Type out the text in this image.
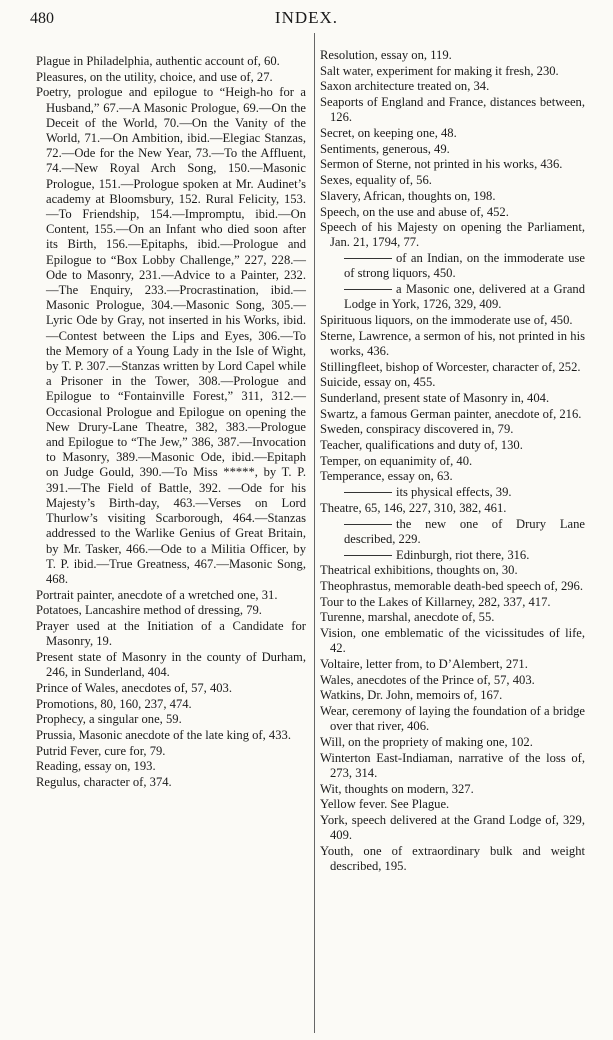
480	INDEX.
Plague in Philadelphia, authentic account of, 60.
Pleasures, on the utility, choice, and use of, 27.
Poetry, prologue and epilogue to “Heigh-ho for a Husband,” 67.—A Masonic Prologue, 69.—On the Deceit of the World, 70.—On the Vanity of the World, 71.—On Ambition, ibid.—Elegiac Stanzas, 72.—Ode for the New Year, 73.—To the Affluent, 74.—New Royal Arch Song, 150.—Masonic Prologue, 151.—Prologue spoken at Mr. Audinet’s academy at Bloomsbury, 152. Rural Felicity, 153.—To Friendship, 154.—Impromptu, ibid.—On Content, 155.—On an Infant who died soon after its Birth, 156.—Epitaphs, ibid.—Prologue and Epilogue to “Box Lobby Challenge,” 227, 228.—Ode to Masonry, 231.—Advice to a Painter, 232. —The Enquiry, 233.—Procrastination, ibid.—Masonic Prologue, 304.—Masonic Song, 305.—Lyric Ode by Gray, not inserted in his Works, ibid.—Contest between the Lips and Eyes, 306.—To the Memory of a Young Lady in the Isle of Wight, by T. P. 307.—Stanzas written by Lord Capel while a Prisoner in the Tower, 308.—Prologue and Epilogue to “Fontainville Forest,” 311, 312.—Occasional Prologue and Epilogue on opening the New Drury-Lane Theatre, 382, 383.—Prologue and Epilogue to “The Jew,” 386, 387.—Invocation to Masonry, 389.—Masonic Ode, ibid.—Epitaph on Judge Gould, 390.—To Miss *****, by T. P. 391.—The Field of Battle, 392. —Ode for his Majesty’s Birth-day, 463.—Verses on Lord Thurlow’s visiting Scarborough, 464.—Stanzas addressed to the Warlike Genius of Great Britain, by Mr. Tasker, 466.—Ode to a Militia Officer, by T. P. ibid.—True Greatness, 467.—Masonic Song, 468.
Portrait painter, anecdote of a wretched one, 31.
Potatoes, Lancashire method of dressing, 79.
Prayer used at the Initiation of a Candidate for Masonry, 19.
Present state of Masonry in the county of Durham, 246, in Sunderland, 404.
Prince of Wales, anecdotes of, 57, 403.
Promotions, 80, 160, 237, 474.
Prophecy, a singular one, 59.
Prussia, Masonic anecdote of the late king of, 433.
Putrid Fever, cure for, 79.
Reading, essay on, 193.
Regulus, character of, 374.
Resolution, essay on, 119.
Salt water, experiment for making it fresh, 230.
Saxon architecture treated on, 34.
Seaports of England and France, distances between, 126.
Secret, on keeping one, 48.
Sentiments, generous, 49.
Sermon of Sterne, not printed in his works, 436.
Sexes, equality of, 56.
Slavery, African, thoughts on, 198.
Speech, on the use and abuse of, 452.
Speech of his Majesty on opening the Parliament, Jan. 21, 1794, 77.
of an Indian, on the immoderate use of strong liquors, 450.
a Masonic one, delivered at a Grand Lodge in York, 1726, 329, 409.
Spirituous liquors, on the immoderate use of, 450.
Sterne, Lawrence, a sermon of his, not printed in his works, 436.
Stillingfleet, bishop of Worcester, character of, 252.
Suicide, essay on, 455.
Sunderland, present state of Masonry in, 404.
Swartz, a famous German painter, anecdote of, 216.
Sweden, conspiracy discovered in, 79.
Teacher, qualifications and duty of, 130.
Temper, on equanimity of, 40.
Temperance, essay on, 63.
its physical effects, 39.
Theatre, 65, 146, 227, 310, 382, 461.
the new one of Drury Lane described, 229.
Edinburgh, riot there, 316.
Theatrical exhibitions, thoughts on, 30.
Theophrastus, memorable death-bed speech of, 296.
Tour to the Lakes of Killarney, 282, 337, 417.
Turenne, marshal, anecdote of, 55.
Vision, one emblematic of the vicissitudes of life, 42.
Voltaire, letter from, to D’Alembert, 271.
Wales, anecdotes of the Prince of, 57, 403.
Watkins, Dr. John, memoirs of, 167.
Wear, ceremony of laying the foundation of a bridge over that river, 406.
Will, on the propriety of making one, 102.
Winterton East-Indiaman, narrative of the loss of, 273, 314.
Wit, thoughts on modern, 327.
Yellow fever. See Plague.
York, speech delivered at the Grand Lodge of, 329, 409.
Youth, one of extraordinary bulk and weight described, 195.
